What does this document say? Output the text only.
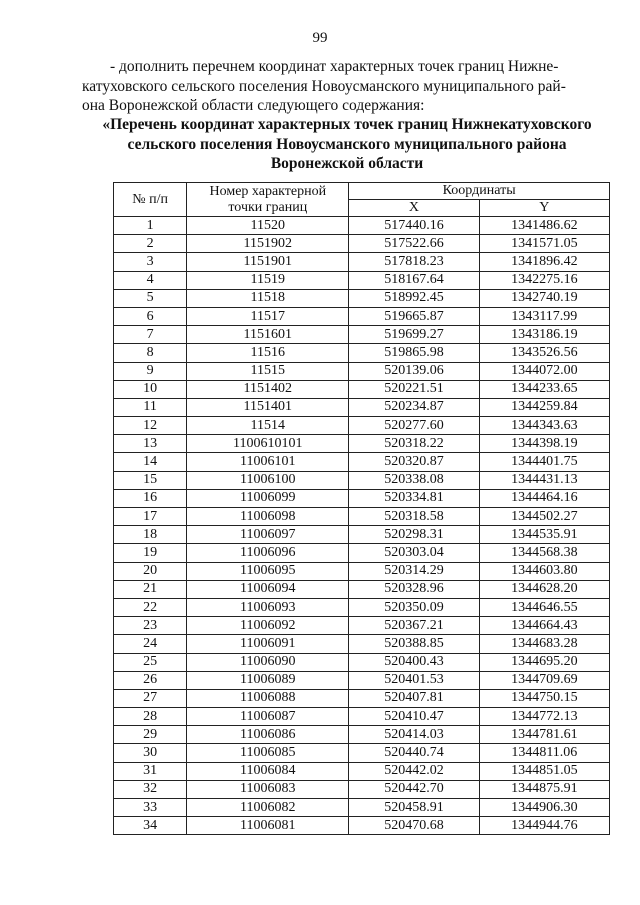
99
- дополнить перечнем координат характерных точек границ Нижне-
катуховского сельского поселения Новоусманского муниципального рай-
она Воронежской области следующего содержания:
«Перечень координат характерных точек границ Нижнекатуховского
сельского поселения Новоусманского муниципального района
Воронежской области
№ п/п	Номер характерной точки границ	Координаты	
		X	Y
1	11520	517440.16	1341486.62
2	1151902	517522.66	1341571.05
3	1151901	517818.23	1341896.42
4	11519	518167.64	1342275.16
5	11518	518992.45	1342740.19
6	11517	519665.87	1343117.99
7	1151601	519699.27	1343186.19
8	11516	519865.98	1343526.56
9	11515	520139.06	1344072.00
10	1151402	520221.51	1344233.65
11	1151401	520234.87	1344259.84
12	11514	520277.60	1344343.63
13	1100610101	520318.22	1344398.19
14	11006101	520320.87	1344401.75
15	11006100	520338.08	1344431.13
16	11006099	520334.81	1344464.16
17	11006098	520318.58	1344502.27
18	11006097	520298.31	1344535.91
19	11006096	520303.04	1344568.38
20	11006095	520314.29	1344603.80
21	11006094	520328.96	1344628.20
22	11006093	520350.09	1344646.55
23	11006092	520367.21	1344664.43
24	11006091	520388.85	1344683.28
25	11006090	520400.43	1344695.20
26	11006089	520401.53	1344709.69
27	11006088	520407.81	1344750.15
28	11006087	520410.47	1344772.13
29	11006086	520414.03	1344781.61
30	11006085	520440.74	1344811.06
31	11006084	520442.02	1344851.05
32	11006083	520442.70	1344875.91
33	11006082	520458.91	1344906.30
34	11006081	520470.68	1344944.76
